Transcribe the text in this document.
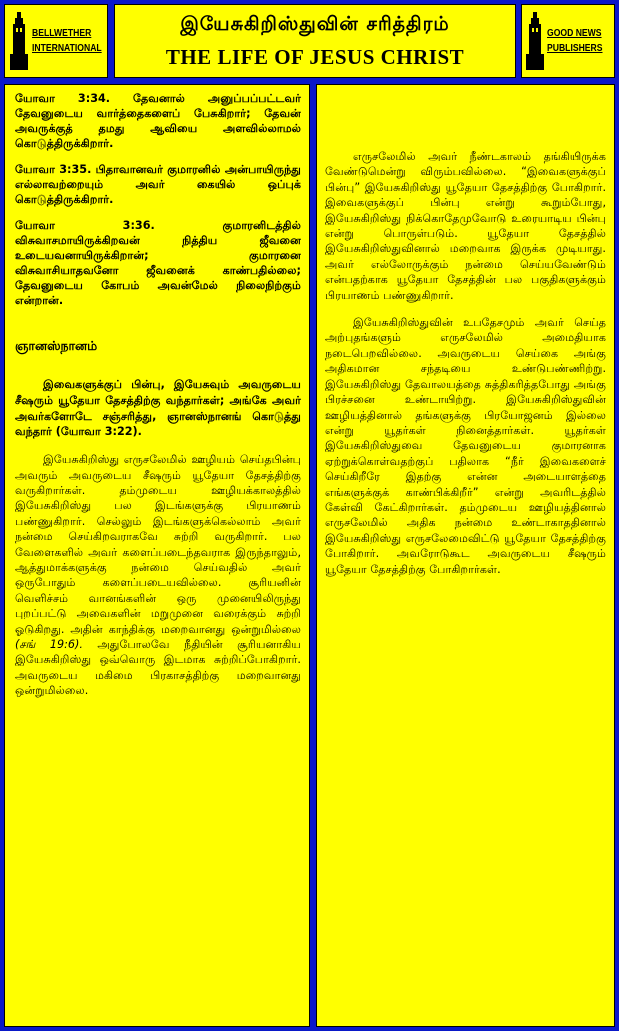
BELLWETHER
INTERNATIONAL
இயேசுகிறிஸ்துவின் சரித்திரம்
THE LIFE OF JESUS CHRIST
GOOD NEWS
PUBLISHERS

யோவா 3:34. தேவனால் அனுப்பப்பட்டவர் தேவனுடைய வார்த்தைகளைப் பேசுகிறார்; தேவன் அவருக்குத் தமது ஆவியை அளவில்லாமல் கொடுத்திருக்கிறார்.

யோவா 3:35. பிதாவானவர் குமாரனில் அன்பாயிருந்து எல்லாவற்றையும் அவர் கையில் ஒப்புக் கொடுத்திருக்கிறார்.

யோவா 3:36. குமாரனிடத்தில் விசுவாசமாயிருக்கிறவன் நித்திய ஜீவனை உடையவனாயிருக்கிறான்; குமாரனை விசுவாசியாதவனோ ஜீவனைக் காண்பதில்லை; தேவனுடைய கோபம் அவன்மேல் நிலைநிற்கும் என்றான்.

ஞானஸ்நானம்

இவைகளுக்குப் பின்பு, இயேசுவும் அவருடைய சீஷரும் யூதேயா தேசத்திற்கு வந்தார்கள்; அங்கே அவர் அவர்களோடே சஞ்சரித்து, ஞானஸ்நானங் கொடுத்து வந்தார் (யோவா 3:22).

இயேசுகிறிஸ்து எருசலேமில் ஊழியம் செய்தபின்பு அவரும் அவருடைய சீஷரும் யூதேயா தேசத்திற்கு வருகிறார்கள். தம்முடைய ஊழியக்காலத்தில் இயேசுகிறிஸ்து பல இடங்களுக்கு பிரயாணம் பண்ணுகிறார். செல்லும் இடங்களுக்கெல்லாம் அவர் நன்மை செய்கிறவராகவே சுற்றி வருகிறார். பல வேளைகளில் அவர் களைப்படைந்தவராக இருந்தாலும், ஆத்துமாக்களுக்கு நன்மை செய்வதில் அவர் ஒருபோதும் களைப்படையவில்லை. சூரியனின் வெளிச்சம் வானங்களின் ஒரு முனையிலிருந்து புறப்பட்டு அவைகளின் மறுமுனை வரைக்கும் சுற்றி ஓடுகிறது. அதின் காந்திக்கு மறைவானது ஒன்றுமில்லை (சங் 19:6). அதுபோலவே நீதியின் சூரியனாகிய இயேசுகிறிஸ்து ஒவ்வொரு இடமாக சுற்றிப்போகிறார். அவருடைய மகிமை பிரகாசத்திற்கு மறைவானது ஒன்றுமில்லை.

எருசலேமில் அவர் நீண்டகாலம் தங்கியிருக்க வேண்டுமென்று விரும்பவில்லை. “இவைகளுக்குப் பின்பு” இயேசுகிறிஸ்து யூதேயா தேசத்திற்கு போகிறார். இவைகளுக்குப் பின்பு என்று கூறும்போது, இயேசுகிறிஸ்து நிக்கொதேமுவோடு உரையாடிய பின்பு என்று பொருள்படும். யூதேயா தேசத்தில் இயேசுகிறிஸ்துவினால் மறைவாக இருக்க முடியாது. அவர் எல்லோருக்கும் நன்மை செய்யவேண்டும் என்பதற்காக யூதேயா தேசத்தின் பல பகுதிகளுக்கும் பிரயாணம் பண்ணுகிறார்.

இயேசுகிறிஸ்துவின் உபதேசமும் அவர் செய்த அற்புதங்களும் எருசலேமில் அமைதியாக நடைபெறவில்லை. அவருடைய செய்கை அங்கு அதிகமான சந்தடியை உண்டுபண்ணிற்று. இயேசுகிறிஸ்து தேவாலயத்தை சுத்திகரித்தபோது அங்கு பிரச்சனை உண்டாயிற்று. இயேசுகிறிஸ்துவின் ஊழியத்தினால் தங்களுக்கு பிரயோஜனம் இல்லை என்று யூதர்கள் நினைத்தார்கள். யூதர்கள் இயேசுகிறிஸ்துவை தேவனுடைய குமாரனாக ஏற்றுக்கொள்வதற்குப் பதிலாக “நீர் இவைகளைச் செய்கிறீரே இதற்கு என்ன அடையாளத்தை எங்களுக்குக் காண்பிக்கிறீர்” என்று அவரிடத்தில் கேள்வி கேட்கிறார்கள். தம்முடைய ஊழியத்தினால் எருசலேமில் அதிக நன்மை உண்டாகாததினால் இயேசுகிறிஸ்து எருசலேமைவிட்டு யூதேயா தேசத்திற்கு போகிறார். அவரோடுகூட அவருடைய சீஷரும் யூதேயா தேசத்திற்கு போகிறார்கள்.
